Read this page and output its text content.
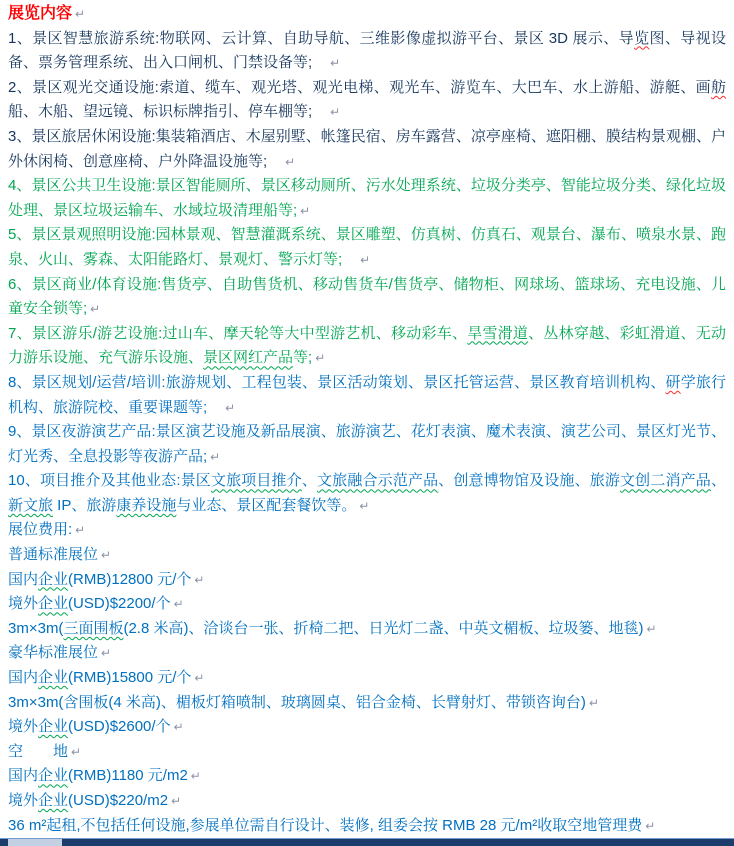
展览内容 ↵

1、景区智慧旅游系统:物联网、云计算、自助导航、三维影像虚拟游平台、景区 3D 展示、导览图、导视设备、票务管理系统、出入口闸机、门禁设备等;　↵

2、景区观光交通设施:索道、缆车、观光塔、观光电梯、观光车、游览车、大巴车、水上游船、游艇、画舫船、木船、望远镜、标识标牌指引、停车棚等;　↵

3、景区旅居休闲设施:集装箱酒店、木屋别墅、帐篷民宿、房车露营、凉亭座椅、遮阳棚、膜结构景观棚、户外休闲椅、创意座椅、户外降温设施等;　↵

4、景区公共卫生设施:景区智能厕所、景区移动厕所、污水处理系统、垃圾分类亭、智能垃圾分类、绿化垃圾处理、景区垃圾运输车、水域垃圾清理船等; ↵

5、景区景观照明设施:园林景观、智慧灌溉系统、景区雕塑、仿真树、仿真石、观景台、瀑布、喷泉水景、跑泉、火山、雾森、太阳能路灯、景观灯、警示灯等;　↵

6、景区商业/体育设施:售货亭、自助售货机、移动售货车/售货亭、储物柜、网球场、篮球场、充电设施、儿童安全锁等; ↵

7、景区游乐/游艺设施:过山车、摩天轮等大中型游艺机、移动彩车、旱雪滑道、丛林穿越、彩虹滑道、无动力游乐设施、充气游乐设施、景区网红产品等; ↵

8、景区规划/运营/培训:旅游规划、工程包装、景区活动策划、景区托管运营、景区教育培训机构、研学旅行机构、旅游院校、重要课题等;　↵

9、景区夜游演艺产品:景区演艺设施及新品展演、旅游演艺、花灯表演、魔术表演、演艺公司、景区灯光节、灯光秀、全息投影等夜游产品; ↵

10、项目推介及其他业态:景区文旅项目推介、文旅融合示范产品、创意博物馆及设施、旅游文创二消产品、新文旅 IP、旅游康养设施与业态、景区配套餐饮等。 ↵

展位费用: ↵

普通标准展位 ↵

国内企业(RMB)12800 元/个 ↵

境外企业(USD)$2200/个 ↵

3m×3m(三面围板(2.8 米高)、洽谈台一张、折椅二把、日光灯二盏、中英文楣板、垃圾篓、地毯) ↵

豪华标准展位 ↵

国内企业(RMB)15800 元/个 ↵

3m×3m(含围板(4 米高)、楣板灯箱喷制、玻璃圆桌、铝合金椅、长臂射灯、带锁咨询台) ↵

境外企业(USD)$2600/个 ↵

空　　地 ↵

国内企业(RMB)1180 元/m2 ↵

境外企业(USD)$220/m2 ↵

36 m²起租,不包括任何设施,参展单位需自行设计、装修, 组委会按 RMB 28 元/m²收取空地管理费 ↵
